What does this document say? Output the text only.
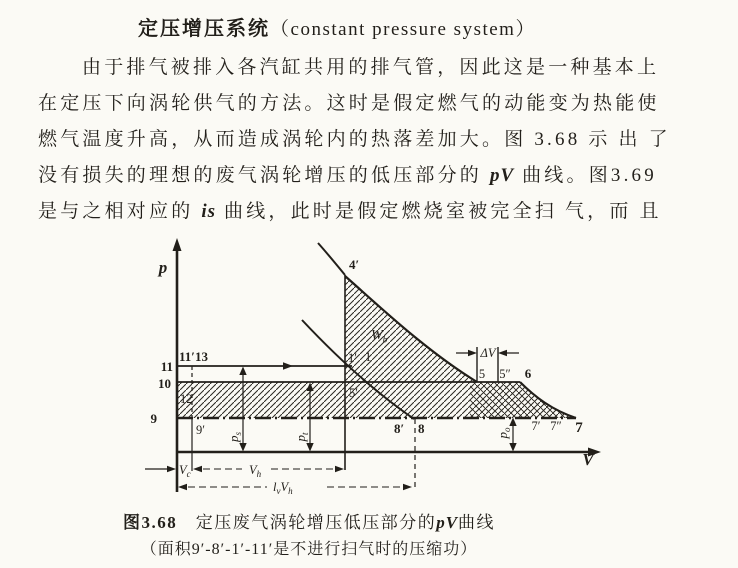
定压增压系统（constant pressure system）
由于排气被排入各汽缸共用的排气管，因此这是一种基本上
在定压下向涡轮供气的方法。这时是假定燃气的动能变为热能使
燃气温度升高，从而造成涡轮内的热落差加大。图 3.68 示 出 了
没有损失的理想的废气涡轮增压的低压部分的 pV 曲线。图3.69
是与之相对应的 is 曲线，此时是假定燃烧室被完全扫 气，而 且
p
V
11
10
9
11′13
12
9′
4′
1′ 1
5′
8′ 8
5 5″ 6
7′ 7″ 7
ΔV
$W_b$
$p_s$
$p_t$	$p_o$
$V_c$	$V_h$
$l_vV_h$
图3.68　定压废气涡轮增压低压部分的pV曲线
（面积9′-8′-1′-11′是不进行扫气时的压缩功）
